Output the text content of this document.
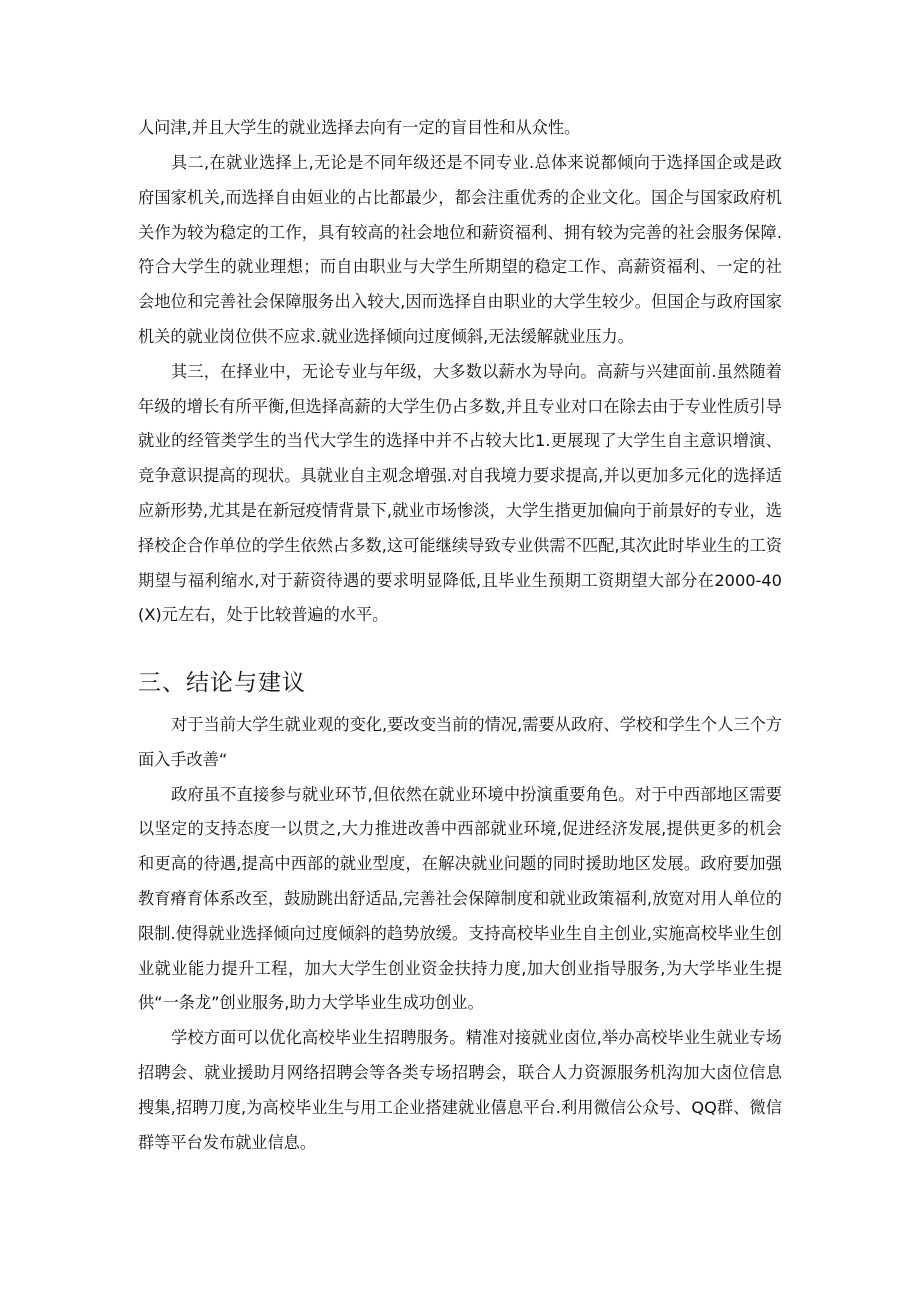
人问津,并且大学生的就业选择去向有一定的盲目性和从众性。

具二,在就业选择上,无论是不同年级还是不同专业.总体来说都倾向于选择国企或是政府国家机关,而选择自由姮业的占比都最少，都会注重优秀的企业文化。国企与国家政府机关作为较为稳定的工作，具有较高的社会地位和薪资福利、拥有较为完善的社会服务保障.符合大学生的就业理想；而自由职业与大学生所期望的稳定工作、高薪资福利、一定的社会地位和完善社会保障服务出入较大,因而选择自由职业的大学生较少。但国企与政府国家机关的就业岗位供不应求.就业选择倾向过度倾斜,无法缓解就业压力。

其三，在择业中，无论专业与年级，大多数以薪水为导向。高薪与兴建面前.虽然随着年级的增长有所平衡,但选择高薪的大学生仍占多数,并且专业对口在除去由于专业性质引导就业的经管类学生的当代大学生的选择中并不占较大比1.更展现了大学生自主意识增演、竞争意识提高的现状。具就业自主观念增强.对自我境力要求提高,并以更加多元化的选择适应新形势,尤其是在新冠疫情背景下,就业市场惨淡，大学生揩更加偏向于前景好的专业，选择校企合作单位的学生依然占多数,这可能继续导致专业供需不匹配,其次此时毕业生的工资期望与福利缩水,对于薪资待遇的要求明显降低,且毕业生预期工资期望大部分在2000-40(X)元左右，处于比较普遍的水平。

三、结论与建议

对于当前大学生就业观的变化,要改变当前的情况,需要从政府、学校和学生个人三个方面入手改善“

政府虽不直接参与就业环节,但依然在就业环境中扮演重要角色。对于中西部地区需要以坚定的支持态度一以贯之,大力推进改善中西部就业环境,促进经济发展,提供更多的机会和更高的待遇,提高中西部的就业型度，在解决就业问题的同时援助地区发展。政府要加强教育瘠育体系改至，鼓励跳出舒适品,完善社会保障制度和就业政策福利,放宽对用人单位的限制.使得就业选择倾向过度倾斜的趋势放缓。支持高校毕业生自主创业,实施高校毕业生创业就业能力提升工程，加大大学生创业资金扶持力度,加大创业指导服务,为大学毕业生提供“一条龙”创业服务,助力大学毕业生成功创业。

学校方面可以优化高校毕业生招聘服务。精准对接就业卤位,举办高校毕业生就业专场招聘会、就业援助月网络招聘会等各类专场招聘会，联合人力资源服务机沟加大卤位信息搜集,招聘刀度,为高校毕业生与用工企业搭建就业僖息平台.利用微信公众号、QQ群、微信群等平台发布就业信息。
